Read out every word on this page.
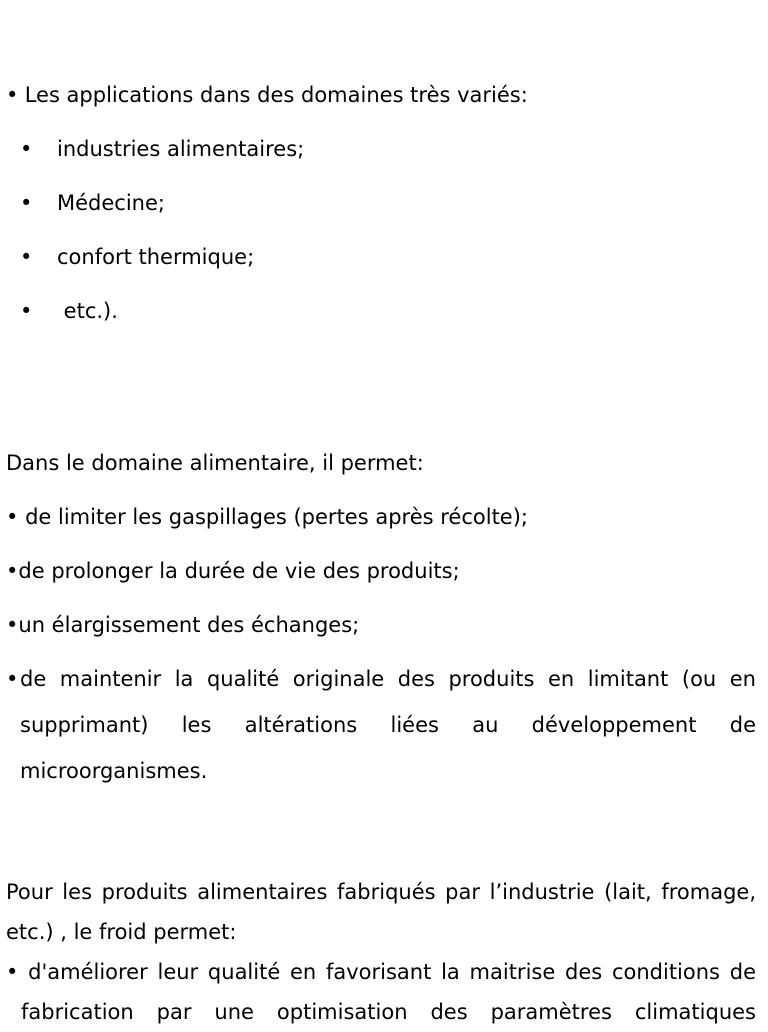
• Les applications dans des domaines très variés:

• industries alimentaires;

• Médecine;

• confort thermique;

• etc.).

Dans le domaine alimentaire, il permet:

• de limiter les gaspillages (pertes après récolte);

•de prolonger la durée de vie des produits;

•un élargissement des échanges;

• de maintenir la qualité originale des produits en limitant (ou en

supprimant) les altérations liées au développement de

microorganismes.

Pour les produits alimentaires fabriqués par l’industrie (lait, fromage,

etc.) , le froid permet:

• d'améliorer leur qualité en favorisant la maitrise des conditions de

fabrication par une optimisation des paramètres climatiques
